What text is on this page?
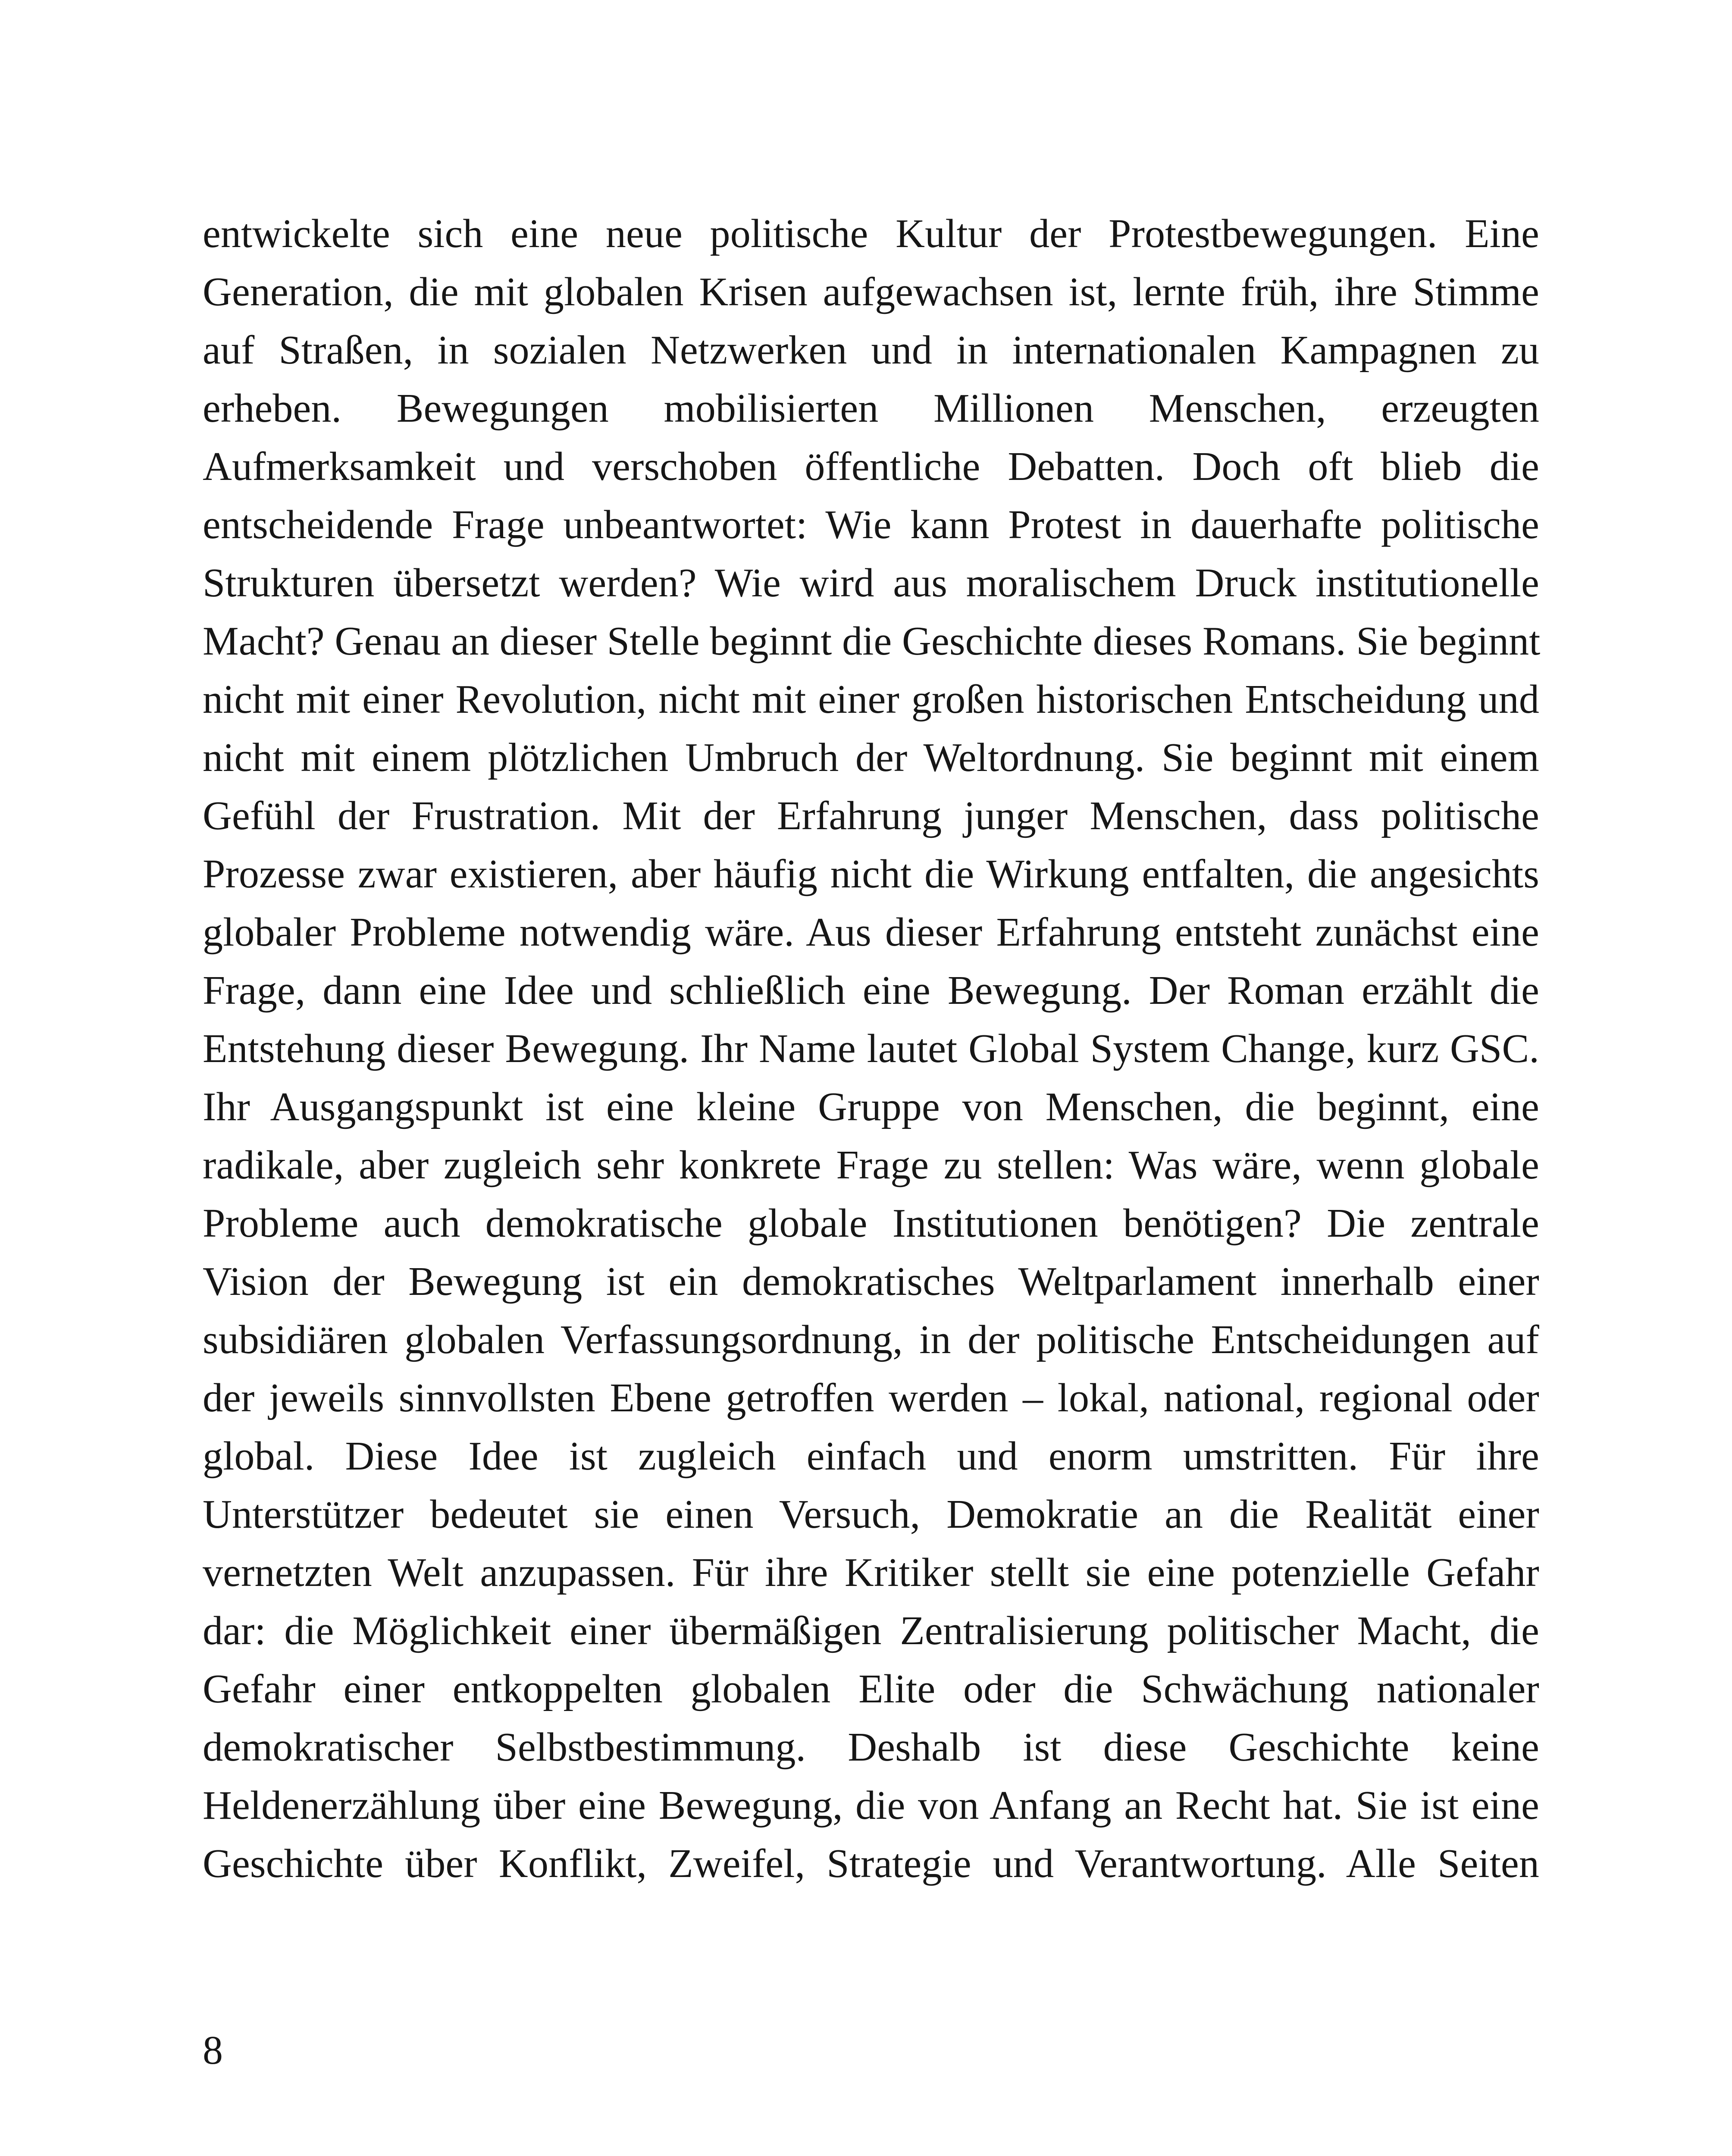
entwickelte sich eine neue politische Kultur der Protestbewegungen. Eine
Generation, die mit globalen Krisen aufgewachsen ist, lernte früh, ihre Stimme
auf Straßen, in sozialen Netzwerken und in internationalen Kampagnen zu
erheben. Bewegungen mobilisierten Millionen Menschen, erzeugten
Aufmerksamkeit und verschoben öffentliche Debatten. Doch oft blieb die
entscheidende Frage unbeantwortet: Wie kann Protest in dauerhafte politische
Strukturen übersetzt werden? Wie wird aus moralischem Druck institutionelle
Macht? Genau an dieser Stelle beginnt die Geschichte dieses Romans. Sie beginnt
nicht mit einer Revolution, nicht mit einer großen historischen Entscheidung und
nicht mit einem plötzlichen Umbruch der Weltordnung. Sie beginnt mit einem
Gefühl der Frustration. Mit der Erfahrung junger Menschen, dass politische
Prozesse zwar existieren, aber häufig nicht die Wirkung entfalten, die angesichts
globaler Probleme notwendig wäre. Aus dieser Erfahrung entsteht zunächst eine
Frage, dann eine Idee und schließlich eine Bewegung. Der Roman erzählt die
Entstehung dieser Bewegung. Ihr Name lautet Global System Change, kurz GSC.
Ihr Ausgangspunkt ist eine kleine Gruppe von Menschen, die beginnt, eine
radikale, aber zugleich sehr konkrete Frage zu stellen: Was wäre, wenn globale
Probleme auch demokratische globale Institutionen benötigen? Die zentrale
Vision der Bewegung ist ein demokratisches Weltparlament innerhalb einer
subsidiären globalen Verfassungsordnung, in der politische Entscheidungen auf
der jeweils sinnvollsten Ebene getroffen werden – lokal, national, regional oder
global. Diese Idee ist zugleich einfach und enorm umstritten. Für ihre
Unterstützer bedeutet sie einen Versuch, Demokratie an die Realität einer
vernetzten Welt anzupassen. Für ihre Kritiker stellt sie eine potenzielle Gefahr
dar: die Möglichkeit einer übermäßigen Zentralisierung politischer Macht, die
Gefahr einer entkoppelten globalen Elite oder die Schwächung nationaler
demokratischer Selbstbestimmung. Deshalb ist diese Geschichte keine
Heldenerzählung über eine Bewegung, die von Anfang an Recht hat. Sie ist eine
Geschichte über Konflikt, Zweifel, Strategie und Verantwortung. Alle Seiten

8
